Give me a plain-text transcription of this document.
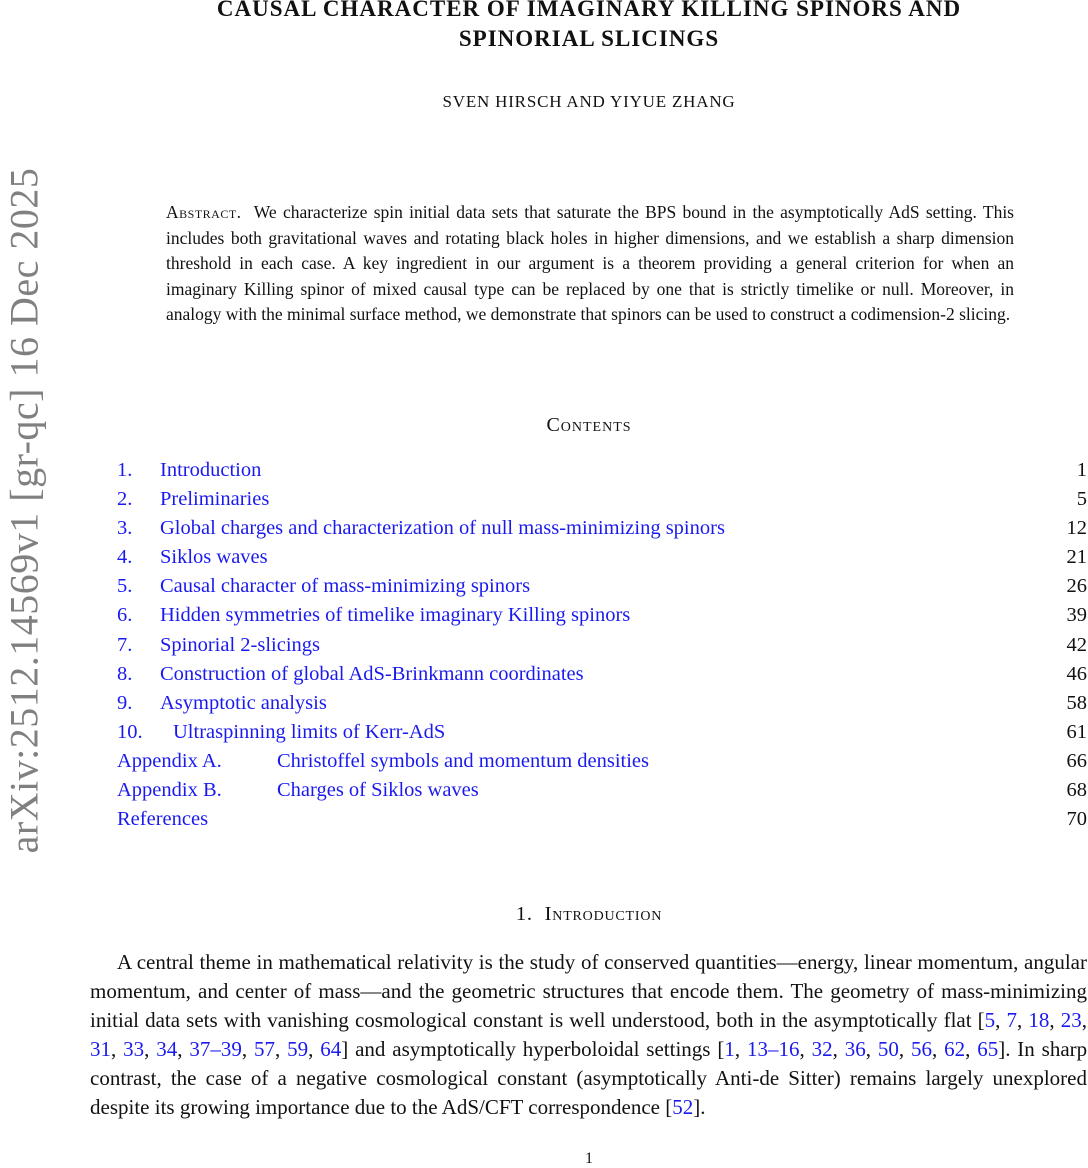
arXiv:2512.14569v1 [gr-qc] 16 Dec 2025
CAUSAL CHARACTER OF IMAGINARY KILLING SPINORS AND
SPINORIAL SLICINGS
SVEN HIRSCH AND YIYUE ZHANG
Abstract. We characterize spin initial data sets that saturate the BPS bound in the asymptotically AdS setting. This includes both gravitational waves and rotating black holes in higher dimensions, and we establish a sharp dimension threshold in each case. A key ingredient in our argument is a theorem providing a general criterion for when an imaginary Killing spinor of mixed causal type can be replaced by one that is strictly timelike or null. Moreover, in analogy with the minimal surface method, we demonstrate that spinors can be used to construct a codimension-2 slicing.
Contents
1. Introduction	1
2. Preliminaries	5
3. Global charges and characterization of null mass-minimizing spinors	12
4. Siklos waves	21
5. Causal character of mass-minimizing spinors	26
6. Hidden symmetries of timelike imaginary Killing spinors	39
7. Spinorial 2-slicings	42
8. Construction of global AdS-Brinkmann coordinates	46
9. Asymptotic analysis	58
10. Ultraspinning limits of Kerr-AdS	61
Appendix A.	Christoffel symbols and momentum densities	66
Appendix B.	Charges of Siklos waves	68
References	70
1. Introduction

A central theme in mathematical relativity is the study of conserved quantities—energy, linear momentum, angular momentum, and center of mass—and the geometric structures that encode them. The geometry of mass-minimizing initial data sets with vanishing cosmological constant is well understood, both in the asymptotically flat [5, 7, 18, 23, 31, 33, 34, 37–39, 57, 59, 64] and asymptotically hyperboloidal settings [1, 13–16, 32, 36, 50, 56, 62, 65]. In sharp contrast, the case of a negative cosmological constant (asymptotically Anti-de Sitter) remains largely unexplored despite its growing importance due to the AdS/CFT correspondence [52].

1
